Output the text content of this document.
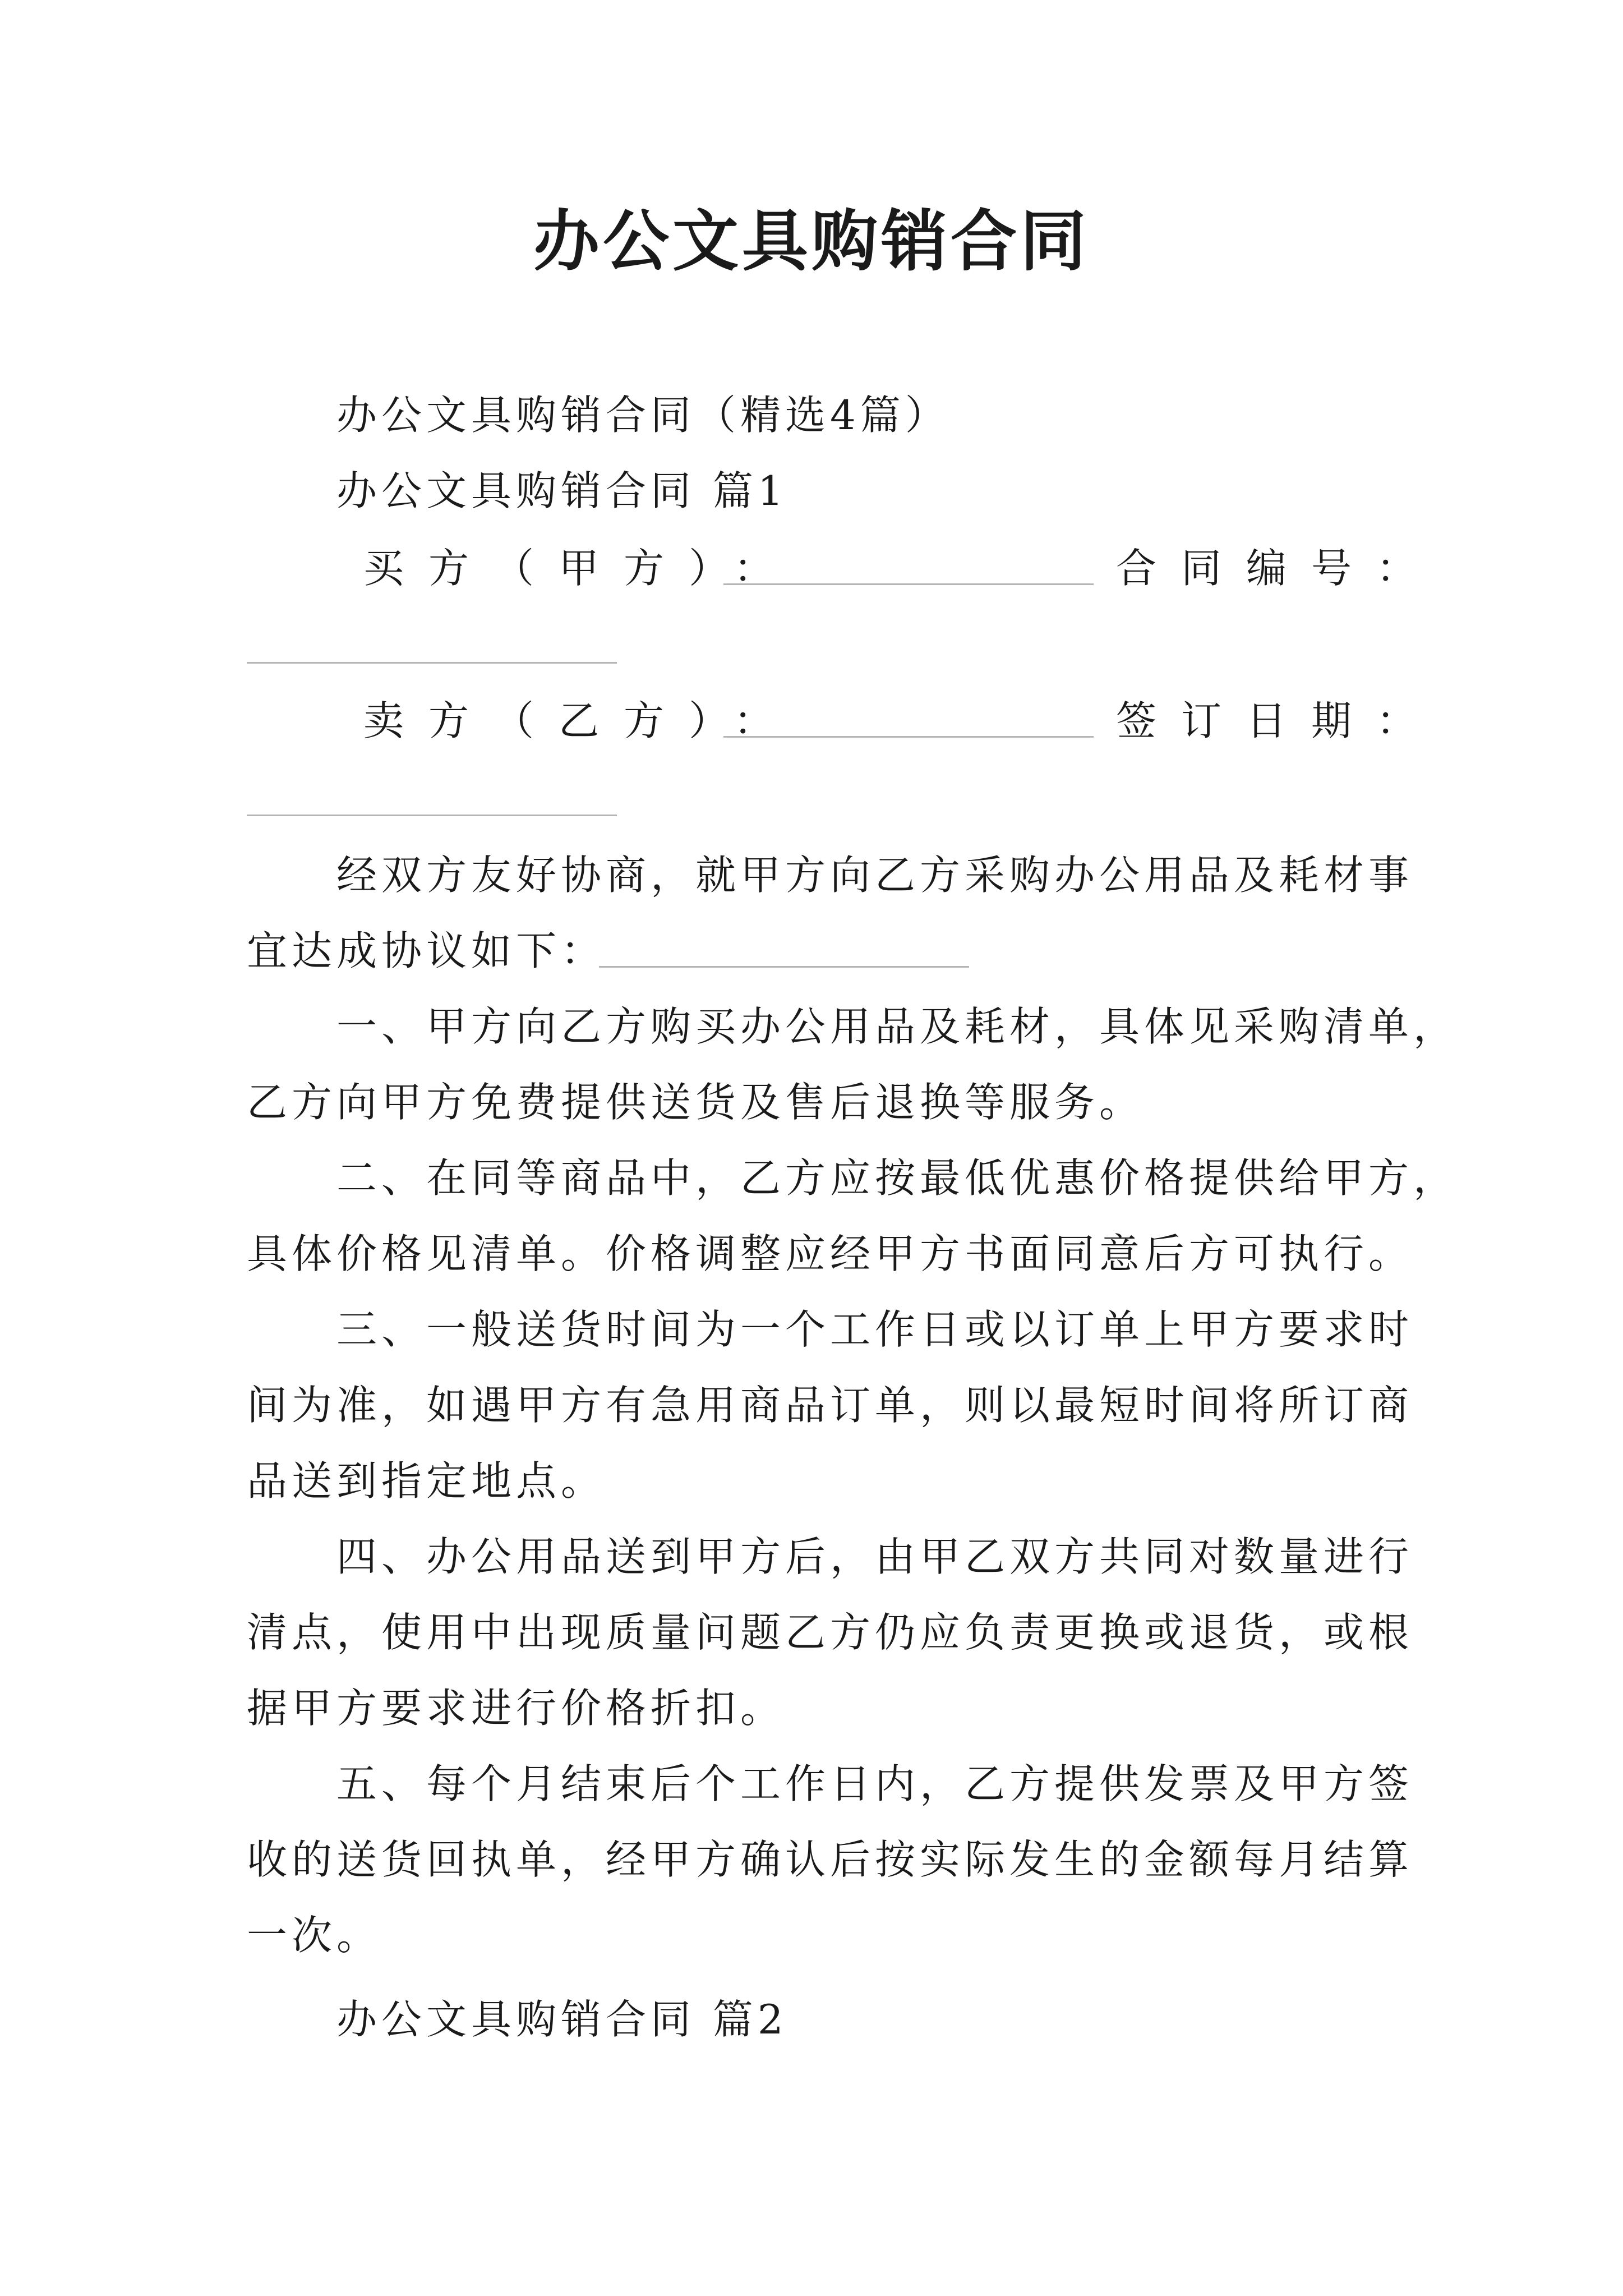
办公文具购销合同
办公文具购销合同（精选4篇）
办公文具购销合同 篇1
买方（甲方）：	合同编号：
卖方（乙方）：	签订日期：
经双方友好协商，就甲方向乙方采购办公用品及耗材事
宜达成协议如下：
一、甲方向乙方购买办公用品及耗材，具体见采购清单，
乙方向甲方免费提供送货及售后退换等服务。
二、在同等商品中，乙方应按最低优惠价格提供给甲方，
具体价格见清单。价格调整应经甲方书面同意后方可执行。
三、一般送货时间为一个工作日或以订单上甲方要求时
间为准，如遇甲方有急用商品订单，则以最短时间将所订商
品送到指定地点。
四、办公用品送到甲方后，由甲乙双方共同对数量进行
清点，使用中出现质量问题乙方仍应负责更换或退货，或根
据甲方要求进行价格折扣。
五、每个月结束后个工作日内，乙方提供发票及甲方签
收的送货回执单，经甲方确认后按实际发生的金额每月结算
一次。
办公文具购销合同 篇2
